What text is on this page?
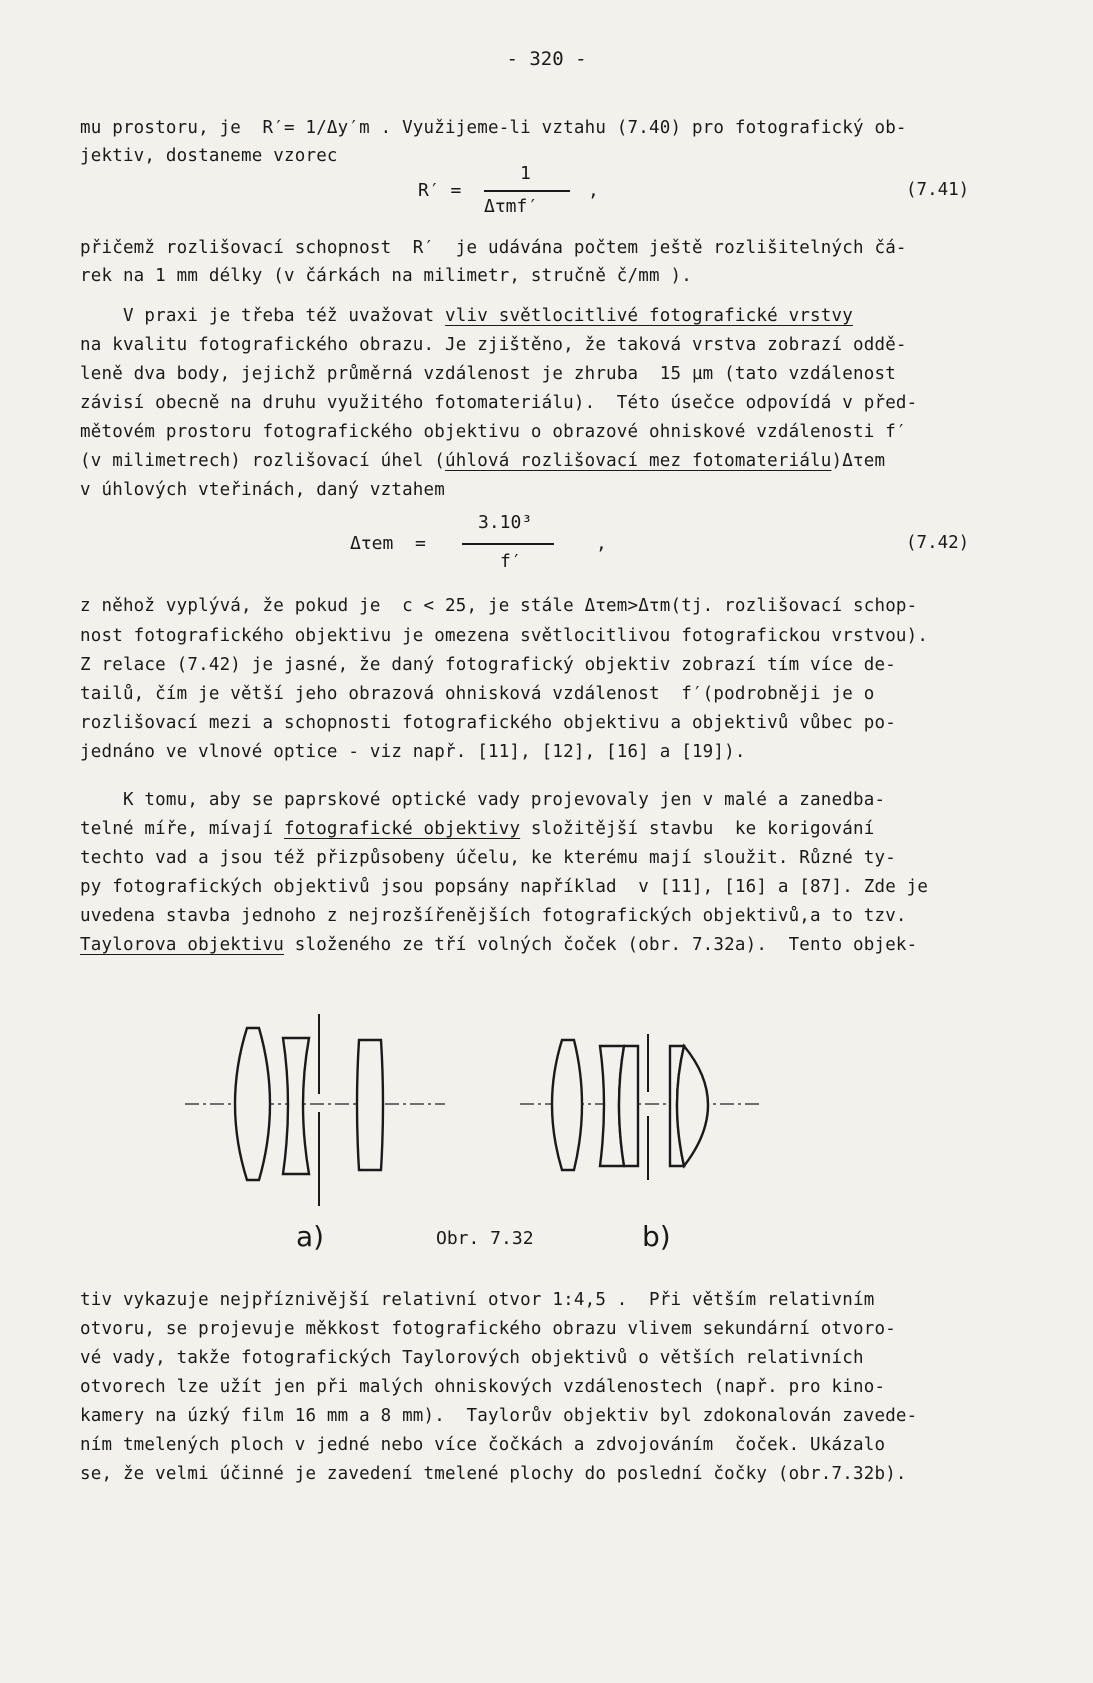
- 320 -
mu prostoru, je  R′= 1/Δy′m . Využijeme-li vztahu (7.40) pro fotografický ob-
jektiv, dostaneme vzorec
R′ =
1
Δτmf′
,	(7.41)
přičemž rozlišovací schopnost  R′  je udávána počtem ještě rozlišitelných čá-
rek na 1 mm délky (v čárkách na milimetr, stručně č/mm ).
V praxi je třeba též uvažovat vliv světlocitlivé fotografické vrstvy
na kvalitu fotografického obrazu. Je zjištěno, že taková vrstva zobrazí oddě-
leně dva body, jejichž průměrná vzdálenost je zhruba  15 µm (tato vzdálenost
závisí obecně na druhu využitého fotomateriálu).  Této úsečce odpovídá v před-
mětovém prostoru fotografického objektivu o obrazové ohniskové vzdálenosti f′
(v milimetrech) rozlišovací úhel (úhlová rozlišovací mez fotomateriálu)Δτem
v úhlových vteřinách, daný vztahem
Δτem  =
3.10³
f′
,	(7.42)
z něhož vyplývá, že pokud je  c < 25, je stále Δτem>Δτm(tj. rozlišovací schop-
nost fotografického objektivu je omezena světlocitlivou fotografickou vrstvou).
Z relace (7.42) je jasné, že daný fotografický objektiv zobrazí tím více de-
tailů, čím je větší jeho obrazová ohnisková vzdálenost  f′(podrobněji je o
rozlišovací mezi a schopnosti fotografického objektivu a objektivů vůbec po-
jednáno ve vlnové optice - viz např. [11], [12], [16] a [19]).
K tomu, aby se paprskové optické vady projevovaly jen v malé a zanedba-
telné míře, mívají fotografické objektivy složitější stavbu  ke korigování
techto vad a jsou též přizpůsobeny účelu, ke kterému mají sloužit. Různé ty-
py fotografických objektivů jsou popsány například  v [11], [16] a [87]. Zde je
uvedena stavba jednoho z nejrozšířenějších fotografických objektivů,a to tzv.
Taylorova objektivu složeného ze tří volných čoček (obr. 7.32a).  Tento objek-
a)	Obr. 7.32	b)
tiv vykazuje nejpříznivější relativní otvor 1:4,5 .  Při větším relativním
otvoru, se projevuje měkkost fotografického obrazu vlivem sekundární otvoro-
vé vady, takže fotografických Taylorových objektivů o větších relativních
otvorech lze užít jen při malých ohniskových vzdálenostech (např. pro kino-
kamery na úzký film 16 mm a 8 mm).  Taylorův objektiv byl zdokonalován zavede-
ním tmelených ploch v jedné nebo více čočkách a zdvojováním  čoček. Ukázalo
se, že velmi účinné je zavedení tmelené plochy do poslední čočky (obr.7.32b).
